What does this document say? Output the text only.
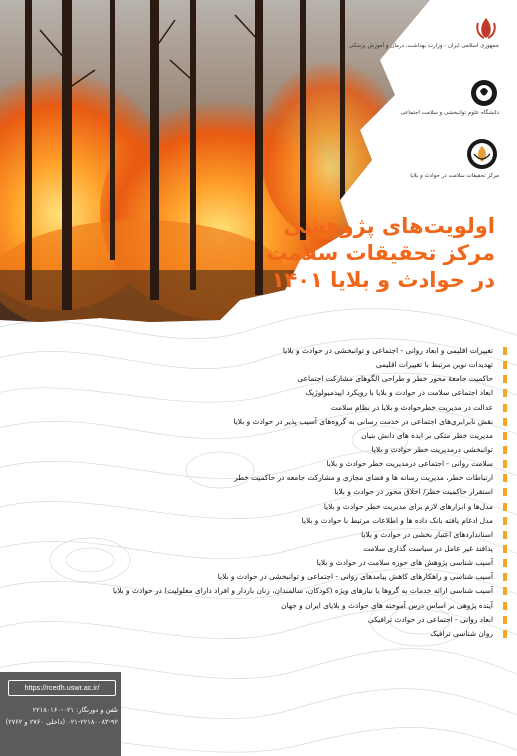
جمهوری اسلامی ایران - وزارت بهداشت، درمان و آموزش پزشکی
دانشگاه علوم توانبخشی و سلامت اجتماعی
مرکز تحقیقات سلامت در حوادث و بلایا
اولویت‌های پژوهشی
مرکز تحقیقات سلامت
در حوادث و بلایا ۱۴۰۱
تغییرات اقلیمی و ابعاد روانی - اجتماعی و توانبخشی در حوادث و بلایا
تهدیدات نوین مرتبط با تغییرات اقلیمی
حاکمیت جامعۀ محور خطر و طراحی الگوهای مشارکت اجتماعی
ابعاد اجتماعی سلامت در حوادث و بلایا با رویکرد اپیدمیولوژیک
عدالت در مدیریت خطرحوادث و بلایا در نظام سلامت
نقش نابرابری‌های اجتماعی در خدمت رسانی به گروه‌های آسیب پذیر در حوادث و بلایا
مدیریت خطر متکی بر ایده های دانش بنیان
توانبخشی درمدیریت خطر حوادث و بلایا
سلامت روانی - اجتماعی درمدیریت خطر حوادث و بلایا
ارتباطات خطر، مدیریت رسانه ها و فضای مجازی و مشارکت جامعه در حاکمیت خطر
استقرار حاکمیت خطر/ اخلاق محور در حوادث و بلایا
مدل‌ها و ابزارهای لازم برای مدیریت خطر حوادث و بلایا
مدل ادغام یافته بانک داده ها و اطلاعات مرتبط با حوادث و بلایا
استانداردهای اعتبار بخشی در حوادث و بلایا
پدافند غیر عامل در سیاست گذاری سلامت
آسیب شناسی پژوهش های حوزه سلامت در حوادث و بلایا
آسیب شناسی و راهکارهای کاهش پیامدهای روانی - اجتماعی و توانبخشی در حوادث و بلایا
آسیب شناسی ارائه خدمات به گروها یا نیازهای ویژه (کودکان، سالمندان، زنان باردار و افراد دارای معلولیت) در حوادث و بلایا
آینده پژوهی بر اساس درس آموخته های حوادث و بلایای ایران و جهان
ابعاد روانی - اجتماعی در حوادث ترافیکی
روان شناسی ترافیک
https://rcedh.uswr.ac.ir/
تلفن و دورنگار: ۰۲۱-۲۲۱۸۰۱۶۰
۰۲۱-۲۲۱۸۰۰۸۳-۹۲ (داخلی ۲۷۶۰ و ۲۷۶۲)
